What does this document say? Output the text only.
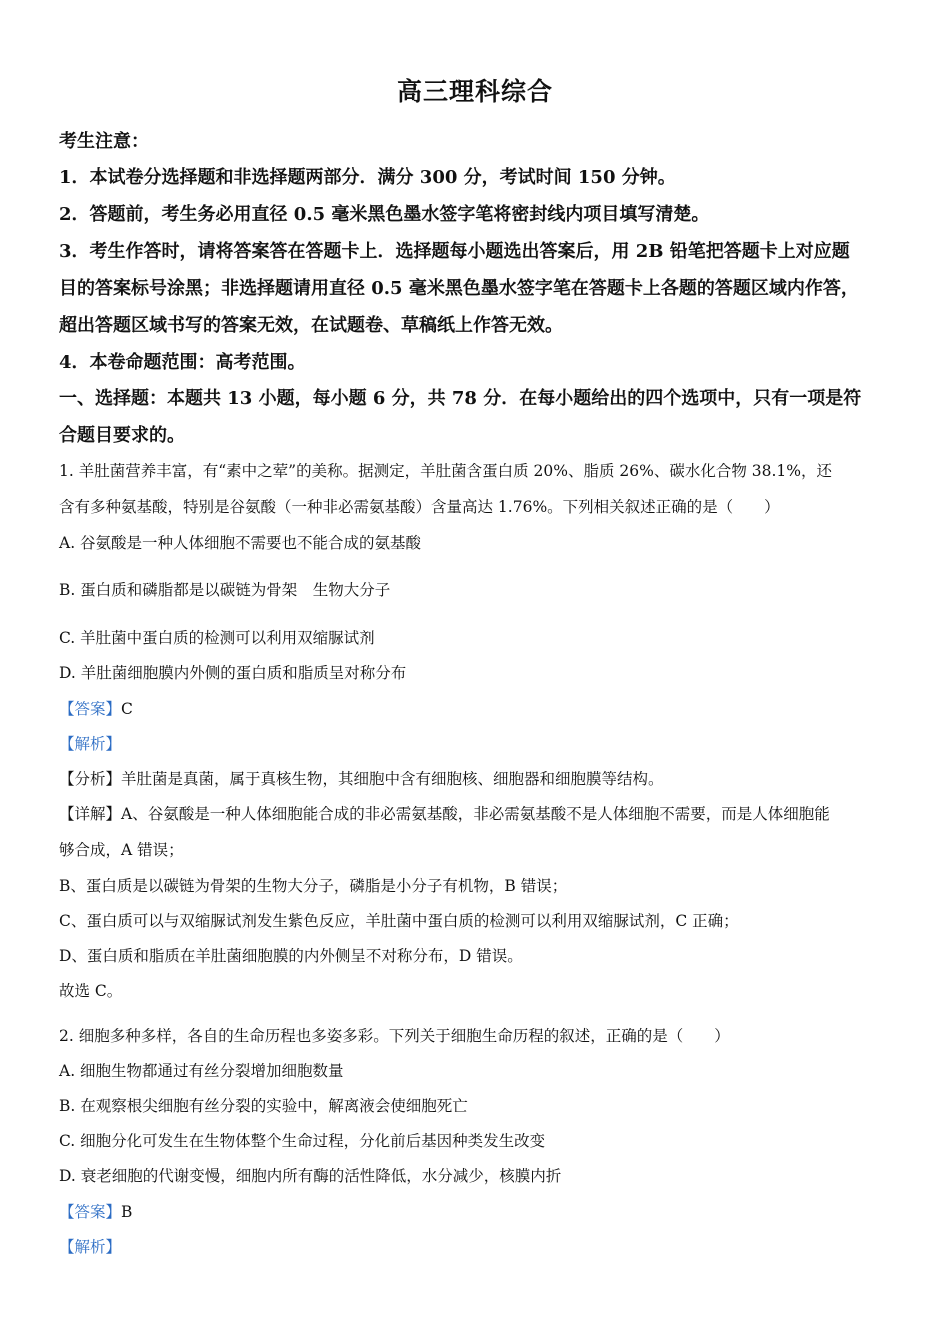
高三理科综合
考生注意：
1．本试卷分选择题和非选择题两部分．满分 300 分，考试时间 150 分钟。
2．答题前，考生务必用直径 0.5 毫米黑色墨水签字笔将密封线内项目填写清楚。
3．考生作答时，请将答案答在答题卡上．选择题每小题选出答案后，用 2B 铅笔把答题卡上对应题
目的答案标号涂黑；非选择题请用直径 0.5 毫米黑色墨水签字笔在答题卡上各题的答题区域内作答，
超出答题区域书写的答案无效，在试题卷、草稿纸上作答无效。
4．本卷命题范围：高考范围。
一、选择题：本题共 13 小题，每小题 6 分，共 78 分．在每小题给出的四个选项中，只有一项是符
合题目要求的。
1. 羊肚菌营养丰富，有“素中之荤”的美称。据测定，羊肚菌含蛋白质 20%、脂质 26%、碳水化合物 38.1%，还
含有多种氨基酸，特别是谷氨酸（一种非必需氨基酸）含量高达 1.76%。下列相关叙述正确的是（　　）
A. 谷氨酸是一种人体细胞不需要也不能合成的氨基酸
B. 蛋白质和磷脂都是以碳链为骨架　生物大分子
C. 羊肚菌中蛋白质的检测可以利用双缩脲试剂
D. 羊肚菌细胞膜内外侧的蛋白质和脂质呈对称分布
【答案】C
【解析】
【分析】羊肚菌是真菌，属于真核生物，其细胞中含有细胞核、细胞器和细胞膜等结构。
【详解】A、谷氨酸是一种人体细胞能合成的非必需氨基酸，非必需氨基酸不是人体细胞不需要，而是人体细胞能
够合成，A 错误；
B、蛋白质是以碳链为骨架的生物大分子，磷脂是小分子有机物，B 错误；
C、蛋白质可以与双缩脲试剂发生紫色反应，羊肚菌中蛋白质的检测可以利用双缩脲试剂，C 正确；
D、蛋白质和脂质在羊肚菌细胞膜的内外侧呈不对称分布，D 错误。
故选 C。
2. 细胞多种多样，各自的生命历程也多姿多彩。下列关于细胞生命历程的叙述，正确的是（　　）
A. 细胞生物都通过有丝分裂增加细胞数量
B. 在观察根尖细胞有丝分裂的实验中，解离液会使细胞死亡
C. 细胞分化可发生在生物体整个生命过程，分化前后基因种类发生改变
D. 衰老细胞的代谢变慢，细胞内所有酶的活性降低，水分减少，核膜内折
【答案】B
【解析】
